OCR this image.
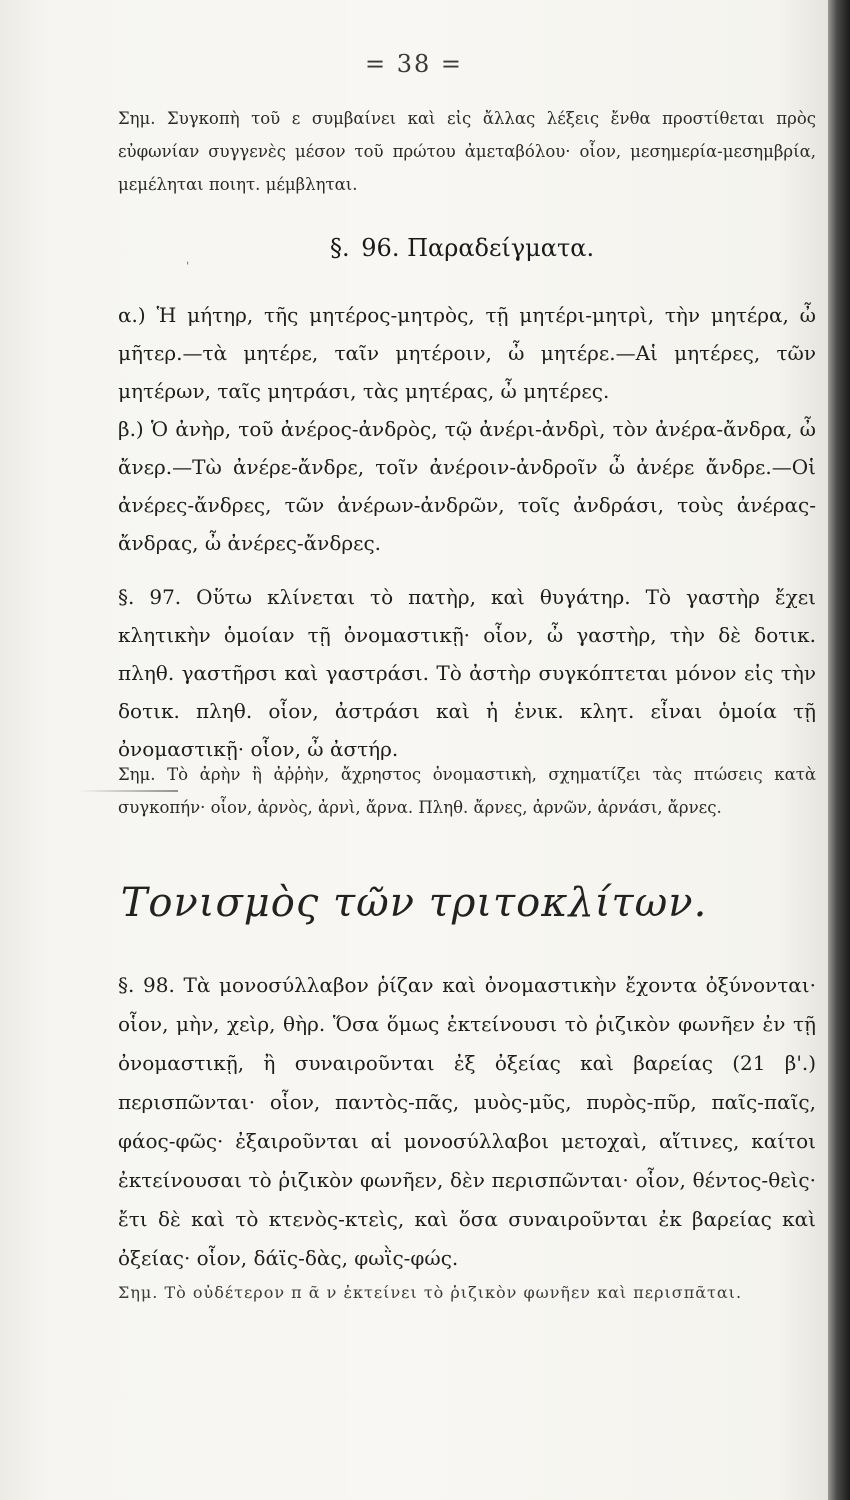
= 38 =

Σημ. Συγκοπὴ τοῦ ε συμβαίνει καὶ εἰς ἄλλας λέξεις ἔνθα προστίθεται πρὸς εὐφωνίαν συγγενὲς μέσον τοῦ πρώτου ἀμεταβόλου· οἷον, μεσημερία-μεσημβρία, μεμέληται ποιητ. μέμβληται.

ˌ	§. 96. Παραδείγματα.

α.) Ἡ μήτηρ, τῆς μητέρος-μητρὸς, τῇ μητέρι-μητρὶ, τὴν μητέρα, ὦ μῆτερ.—τὰ μητέρε, ταῖν μητέροιν, ὦ μητέρε.—Αἱ μητέρες, τῶν μητέρων, ταῖς μητράσι, τὰς μητέρας, ὦ μητέρες.

β.) Ὁ ἀνὴρ, τοῦ ἀνέρος-ἀνδρὸς, τῷ ἀνέρι-ἀνδρὶ, τὸν ἀνέρα-ἄνδρα, ὦ ἄνερ.—Τὼ ἀνέρε-ἄνδρε, τοῖν ἀνέροιν-ἀνδροῖν ὦ ἀνέρε ἄνδρε.—Οἱ ἀνέρες-ἄνδρες, τῶν ἀνέρων-ἀνδρῶν, τοῖς ἀνδράσι, τοὺς ἀνέρας-ἄνδρας, ὦ ἀνέρες-ἄνδρες.

§. 97. Οὕτω κλίνεται τὸ πατὴρ, καὶ θυγάτηρ. Τὸ γαστὴρ ἔχει κλητικὴν ὁμοίαν τῇ ὀνομαστικῇ· οἷον, ὦ γαστὴρ, τὴν δὲ δοτικ. πληθ. γαστῆρσι καὶ γαστράσι. Τὸ ἀστὴρ συγκόπτεται μόνον εἰς τὴν δοτικ. πληθ. οἷον, ἀστράσι καὶ ἡ ἑνικ. κλητ. εἶναι ὁμοία τῇ ὀνομαστικῇ· οἷον, ὦ ἀστήρ.

Σημ. Τὸ ἀρὴν ἢ ἀῤῥὴν, ἄχρηστος ὀνομαστικὴ, σχηματίζει τὰς πτώσεις κατὰ συγκοπήν· οἷον, ἀρνὸς, ἀρνὶ, ἄρνα. Πληθ. ἄρνες, ἀρνῶν, ἀρνάσι, ἄρνες.

Τονισμὸς τῶν τριτοκλίτων.

§. 98. Τὰ μονοσύλλαβον ῥίζαν καὶ ὀνομαστικὴν ἔχοντα ὀξύνονται· οἷον, μὴν, χεὶρ, θὴρ. Ὅσα ὅμως ἐκτείνουσι τὸ ῥιζικὸν φωνῆεν ἐν τῇ ὀνομαστικῇ, ἢ συναιροῦνται ἐξ ὀξείας καὶ βαρείας (21 β'.) περισπῶνται· οἷον, παντὸς-πᾶς, μυὸς-μῦς, πυρὸς-πῦρ, παῖς-παῖς, φάος-φῶς· ἐξαιροῦνται αἱ μονοσύλλαβοι μετοχαὶ, αἵτινες, καίτοι ἐκτείνουσαι τὸ ῥιζικὸν φωνῆεν, δὲν περισπῶνται· οἷον, θέντος-θεὶς· ἔτι δὲ καὶ τὸ κτενὸς-κτεὶς, καὶ ὅσα συναιροῦνται ἐκ βαρείας καὶ ὀξείας· οἷον, δάϊς-δὰς, φωῒς-φώς.

Σημ. Τὸ οὐδέτερον π ᾶ ν ἐκτείνει τὸ ῥιζικὸν φωνῆεν καὶ περισπᾶται.
